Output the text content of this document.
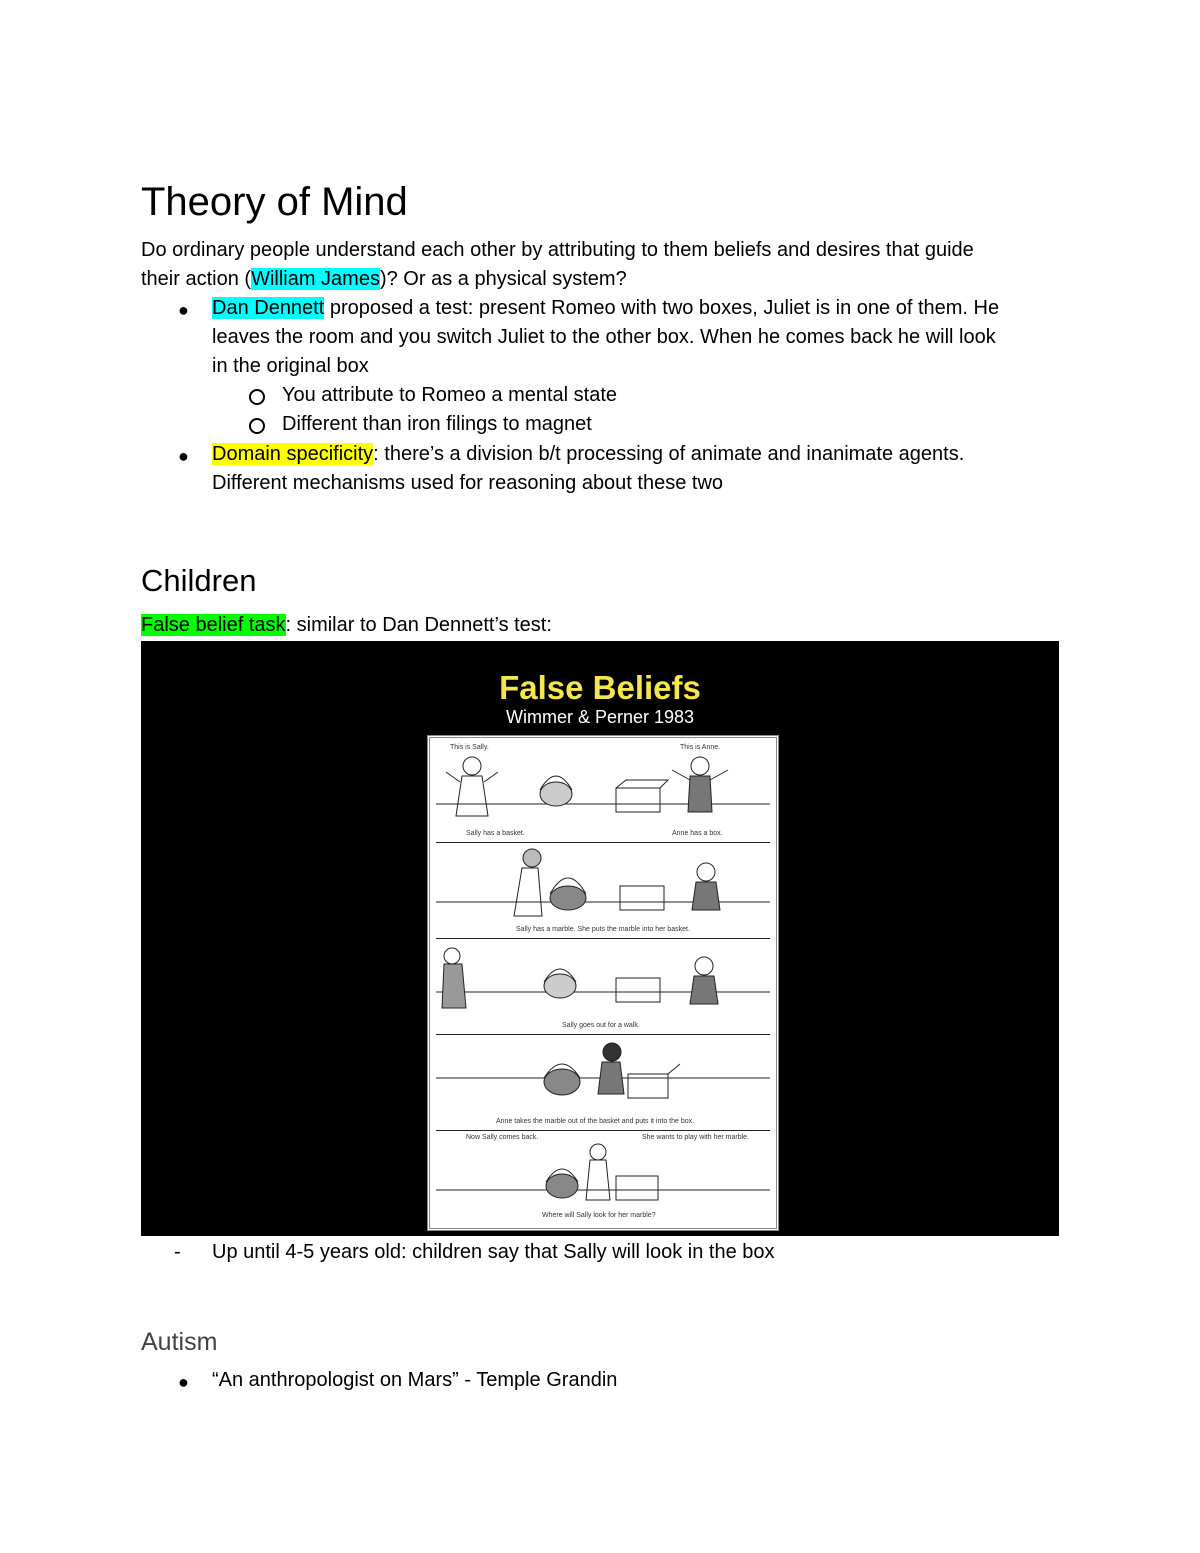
Theory of Mind
Do ordinary people understand each other by attributing to them beliefs and desires that guide
their action (William James)? Or as a physical system?
● Dan Dennett proposed a test: present Romeo with two boxes, Juliet is in one of them. He
leaves the room and you switch Juliet to the other box. When he comes back he will look
in the original box
You attribute to Romeo a mental state
Different than iron filings to magnet
● Domain specificity: there’s a division b/t processing of animate and inanimate agents.
Different mechanisms used for reasoning about these two
Children
False belief task: similar to Dan Dennett’s test:
False Beliefs
Wimmer & Perner 1983
This is Sally.	This is Anne.
Sally has a basket.	Anne has a box.
Sally has a marble. She puts the marble into her basket.
Sally goes out for a walk.
Anne takes the marble out of the basket and puts it into the box.
Now Sally comes back.	She wants to play with her marble.
Where will Sally look for her marble?
- Up until 4-5 years old: children say that Sally will look in the box
Autism
● “An anthropologist on Mars” - Temple Grandin
